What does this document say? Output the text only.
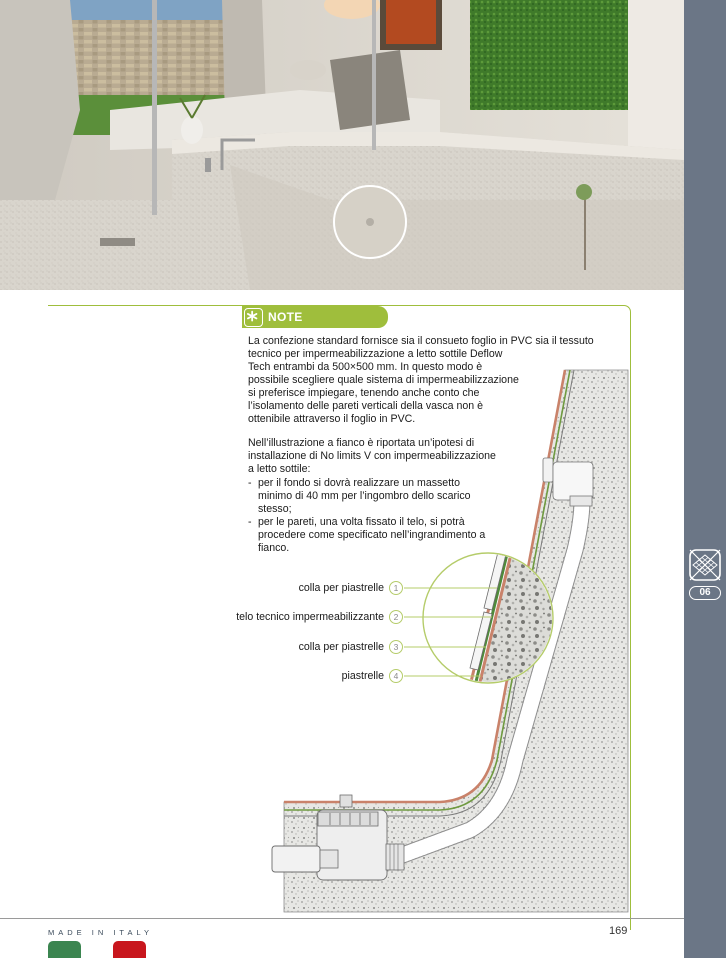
06
colla per piastrelle	1
telo tecnico impermeabilizzante	2
colla per piastrelle	3
piastrelle	4
NOTE
La confezione standard fornisce sia il consueto foglio in PVC sia il tessuto
tecnico per impermeabilizzazione a letto sottile Deflow
Tech entrambi da 500×500 mm. In questo modo è
possibile scegliere quale sistema di impermeabilizzazione
si preferisce impiegare, tenendo anche conto che
l’isolamento delle pareti verticali della vasca non è
ottenibile attraverso il foglio in PVC.
Nell’illustrazione a fianco è riportata un’ipotesi di
installazione di No limits V con impermeabilizzazione
a letto sottile:
- per il fondo si dovrà realizzare un massetto
minimo di 40 mm per l’ingombro dello scarico
stesso;
- per le pareti, una volta fissato il telo, si potrà
procedere come specificato nell’ingrandimento a
fianco.
MADE IN ITALY	169
